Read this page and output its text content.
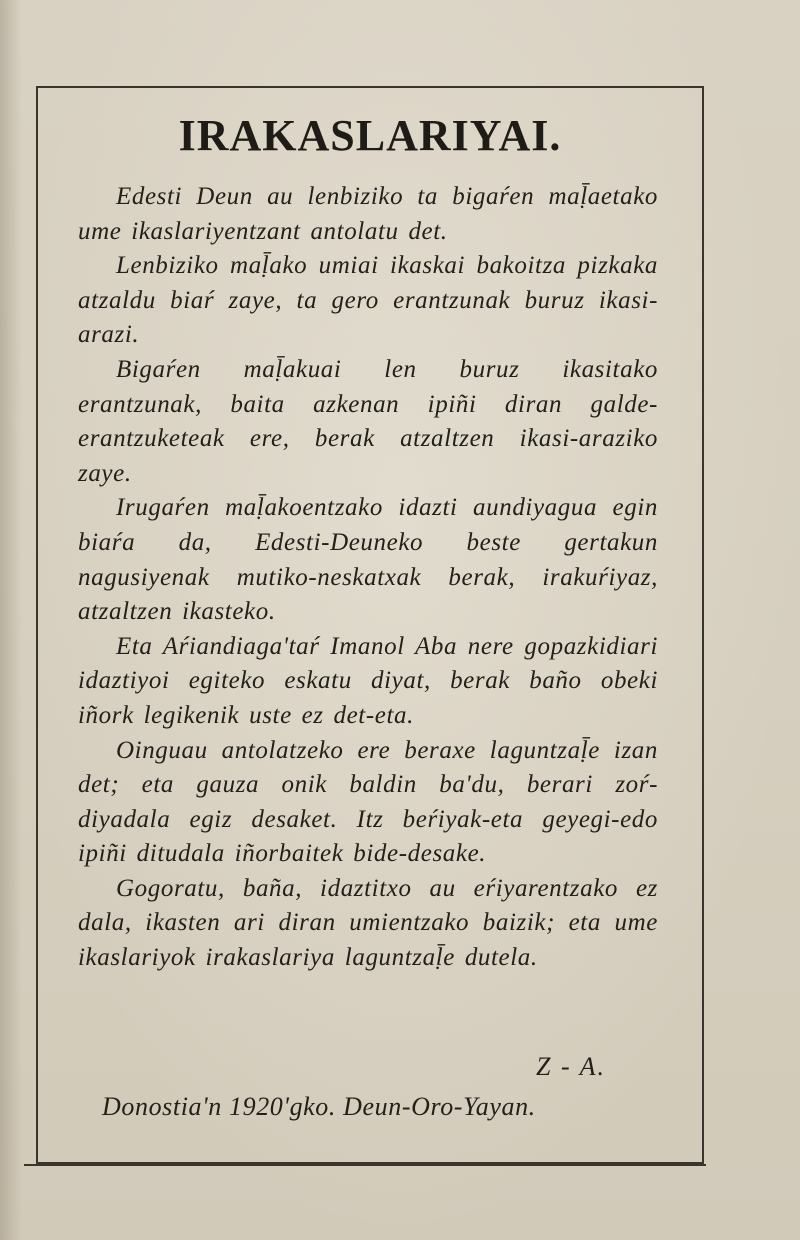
IRAKASLARIYAI.

Edesti Deun au lenbiziko ta bigaŕen maḹaetako ume ikaslariyentzant antolatu det.

Lenbiziko maḹako umiai ikaskai bakoitza pizkaka atzaldu biaŕ zaye, ta gero erantzunak buruz ikasi-arazi.

Bigaŕen maḹakuai len buruz ikasitako erantzunak, baita azkenan ipiñi diran galde-erantzuketeak ere, berak atzaltzen ikasi-araziko zaye.

Irugaŕen maḹakoentzako idazti aundiyagua egin biaŕa da, Edesti-Deuneko beste gertakun nagusiyenak mutiko-neskatxak berak, irakuŕiyaz, atzaltzen ikasteko.

Eta Aŕiandiaga'taŕ Imanol Aba nere gopazkidiari idaztiyoi egiteko eskatu diyat, berak baño obeki iñork legikenik uste ez det-eta.

Oinguau antolatzeko ere beraxe laguntzaḹe izan det; eta gauza onik baldin ba'du, berari zoŕ-diyadala egiz desaket. Itz beŕiyak-eta geyegi-edo ipiñi ditudala iñorbaitek bide-desake.

Gogoratu, baña, idaztitxo au eŕiyarentzako ez dala, ikasten ari diran umientzako baizik; eta ume ikaslariyok irakaslariya laguntzaḹe dutela.

Z - A.
Donostia'n 1920'gko. Deun-Oro-Yayan.
